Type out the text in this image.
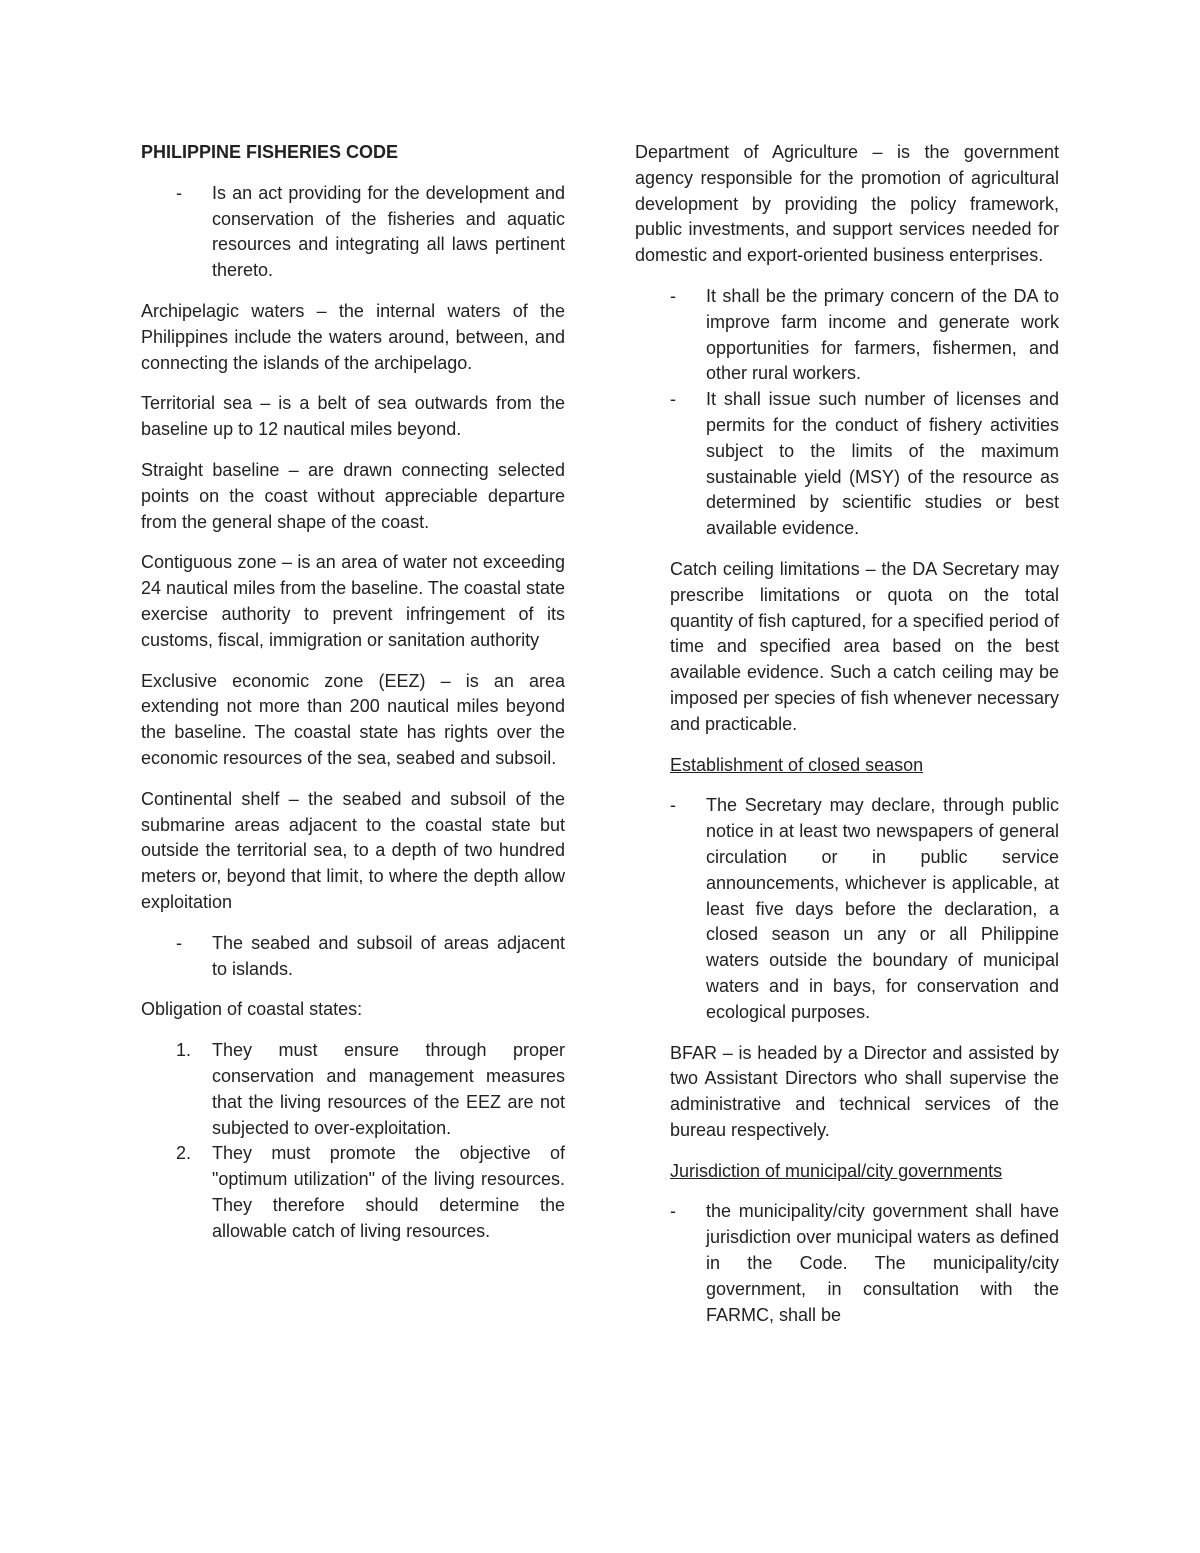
PHILIPPINE FISHERIES CODE
- Is an act providing for the development and conservation of the fisheries and aquatic resources and integrating all laws pertinent thereto.

Archipelagic waters – the internal waters of the Philippines include the waters around, between, and connecting the islands of the archipelago.

Territorial sea – is a belt of sea outwards from the baseline up to 12 nautical miles beyond.

Straight baseline – are drawn connecting selected points on the coast without appreciable departure from the general shape of the coast.

Contiguous zone – is an area of water not exceeding 24 nautical miles from the baseline. The coastal state exercise authority to prevent infringement of its customs, fiscal, immigration or sanitation authority

Exclusive economic zone (EEZ) – is an area extending not more than 200 nautical miles beyond the baseline. The coastal state has rights over the economic resources of the sea, seabed and subsoil.

Continental shelf – the seabed and subsoil of the submarine areas adjacent to the coastal state but outside the territorial sea, to a depth of two hundred meters or, beyond that limit, to where the depth allow exploitation

- The seabed and subsoil of areas adjacent to islands.

Obligation of coastal states:

1. They must ensure through proper conservation and management measures that the living resources of the EEZ are not subjected to over-exploitation.
2. They must promote the objective of "optimum utilization" of the living resources. They therefore should determine the allowable catch of living resources.

Department of Agriculture – is the government agency responsible for the promotion of agricultural development by providing the policy framework, public investments, and support services needed for domestic and export-oriented business enterprises.

- It shall be the primary concern of the DA to improve farm income and generate work opportunities for farmers, fishermen, and other rural workers.
- It shall issue such number of licenses and permits for the conduct of fishery activities subject to the limits of the maximum sustainable yield (MSY) of the resource as determined by scientific studies or best available evidence.

Catch ceiling limitations – the DA Secretary may prescribe limitations or quota on the total quantity of fish captured, for a specified period of time and specified area based on the best available evidence. Such a catch ceiling may be imposed per species of fish whenever necessary and practicable.

Establishment of closed season

- The Secretary may declare, through public notice in at least two newspapers of general circulation or in public service announcements, whichever is applicable, at least five days before the declaration, a closed season un any or all Philippine waters outside the boundary of municipal waters and in bays, for conservation and ecological purposes.

BFAR – is headed by a Director and assisted by two Assistant Directors who shall supervise the administrative and technical services of the bureau respectively.

Jurisdiction of municipal/city governments

- the municipality/city government shall have jurisdiction over municipal waters as defined in the Code. The municipality/city government, in consultation with the FARMC, shall be
